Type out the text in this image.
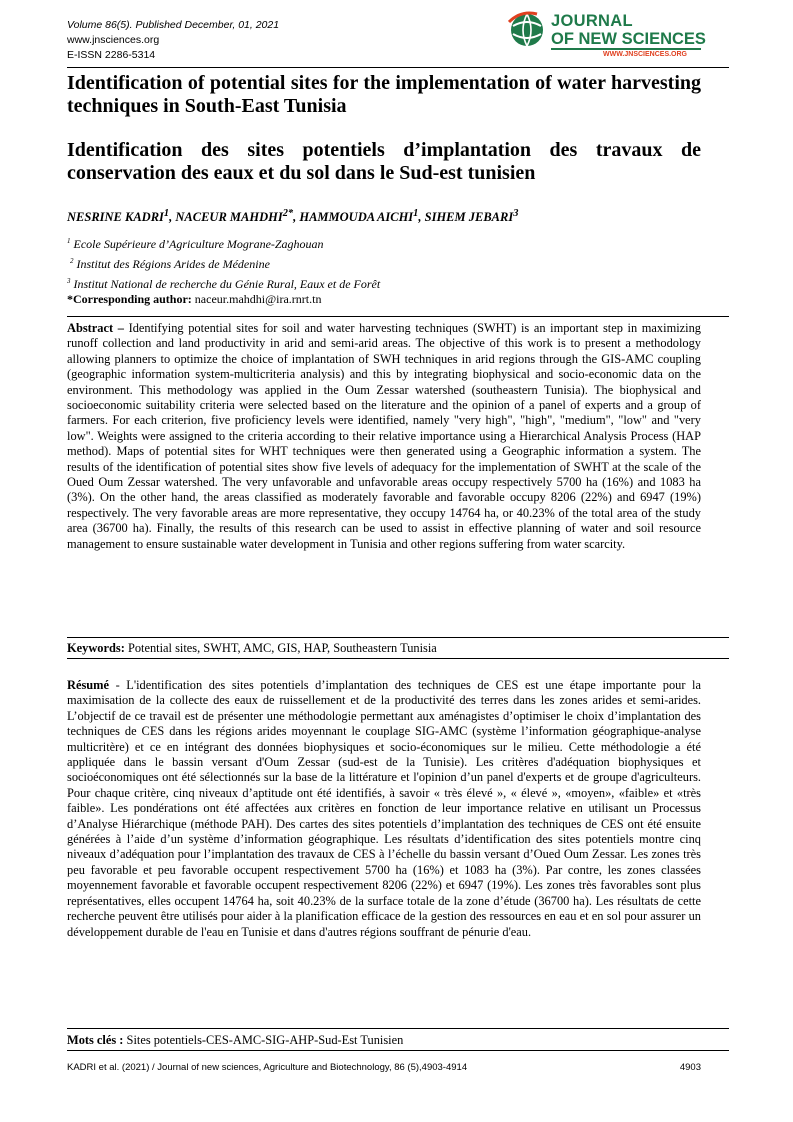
Volume 86(5). Published December, 01, 2021
www.jnsciences.org
E-ISSN 2286-5314
JOURNAL
OF NEW SCIENCES
WWW.JNSCIENCES.ORG
Identification of potential sites for the implementation of water harvesting techniques in South-East Tunisia
Identification des sites potentiels d’implantation des travaux de conservation des eaux et du sol dans le Sud-est tunisien
NESRINE KADRI$^1$, NACEUR $MAHDHI^{2*}$, HAMMOUDA AICHI$^1$, SIHEM JEBARI$^3$
$^1$ Ecole Supérieure d’Agriculture Mograne-Zaghouan
$^2$ Institut des Régions Arides de Médenine
$^3$ Institut National de recherche du Génie Rural, Eaux et de Forêt
*Corresponding author: naceur.mahdhi@ira.rnrt.tn
Abstract – Identifying potential sites for soil and water harvesting techniques (SWHT) is an important step in maximizing runoff collection and land productivity in arid and semi-arid areas. The objective of this work is to present a methodology allowing planners to optimize the choice of implantation of SWH techniques in arid regions through the GIS-AMC coupling (geographic information system-multicriteria analysis) and this by integrating biophysical and socio-economic data on the environment. This methodology was applied in the Oum Zessar watershed (southeastern Tunisia). The biophysical and socioeconomic suitability criteria were selected based on the literature and the opinion of a panel of experts and a group of farmers. For each criterion, five proficiency levels were identified, namely "very high", "high", "medium", "low" and "very low". Weights were assigned to the criteria according to their relative importance using a Hierarchical Analysis Process (HAP method). Maps of potential sites for WHT techniques were then generated using a Geographic information a system. The results of the identification of potential sites show five levels of adequacy for the implementation of SWHT at the scale of the Oued Oum Zessar watershed. The very unfavorable and unfavorable areas occupy respectively 5700 ha (16%) and 1083 ha (3%). On the other hand, the areas classified as moderately favorable and favorable occupy 8206 (22%) and 6947 (19%) respectively. The very favorable areas are more representative, they occupy 14764 ha, or 40.23% of the total area of the study area (36700 ha). Finally, the results of this research can be used to assist in effective planning of water and soil resource management to ensure sustainable water development in Tunisia and other regions suffering from water scarcity.
Keywords: Potential sites, SWHT, AMC, GIS, HAP, Southeastern Tunisia
Résumé - L'identification des sites potentiels d’implantation des techniques de CES est une étape importante pour la maximisation de la collecte des eaux de ruissellement et de la productivité des terres dans les zones arides et semi-arides. L’objectif de ce travail est de présenter une méthodologie permettant aux aménagistes d’optimiser le choix d’implantation des techniques de CES dans les régions arides moyennant le couplage SIG-AMC (système l’information géographique-analyse multicritère) et ce en intégrant des données biophysiques et socio-économiques sur le milieu. Cette méthodologie a été appliquée dans le bassin versant d'Oum Zessar (sud-est de la Tunisie). Les critères d'adéquation biophysiques et socioéconomiques ont été sélectionnés sur la base de la littérature et l'opinion d’un panel d'experts et de groupe d'agriculteurs. Pour chaque critère, cinq niveaux d’aptitude ont été identifiés, à savoir « très élevé », « élevé », «moyen», «faible» et «très faible». Les pondérations ont été affectées aux critères en fonction de leur importance relative en utilisant un Processus d’Analyse Hiérarchique (méthode PAH). Des cartes des sites potentiels d’implantation des techniques de CES ont été ensuite générées à l’aide d’un système d’information géographique. Les résultats d’identification des sites potentiels montre cinq niveaux d’adéquation pour l’implantation des travaux de CES à l’échelle du bassin versant d’Oued Oum Zessar. Les zones très peu favorable et peu favorable occupent respectivement 5700 ha (16%) et 1083 ha (3%). Par contre, les zones classées moyennement favorable et favorable occupent respectivement 8206 (22%) et 6947 (19%). Les zones très favorables sont plus représentatives, elles occupent 14764 ha, soit 40.23% de la surface totale de la zone d’étude (36700 ha). Les résultats de cette recherche peuvent être utilisés pour aider à la planification efficace de la gestion des ressources en eau et en sol pour assurer un développement durable de l'eau en Tunisie et dans d'autres régions souffrant de pénurie d'eau.
Mots clés : Sites potentiels-CES-AMC-SIG-AHP-Sud-Est Tunisien
KADRI et al. (2021) / Journal of new sciences, Agriculture and Biotechnology, 86 (5),4903-4914	4903
